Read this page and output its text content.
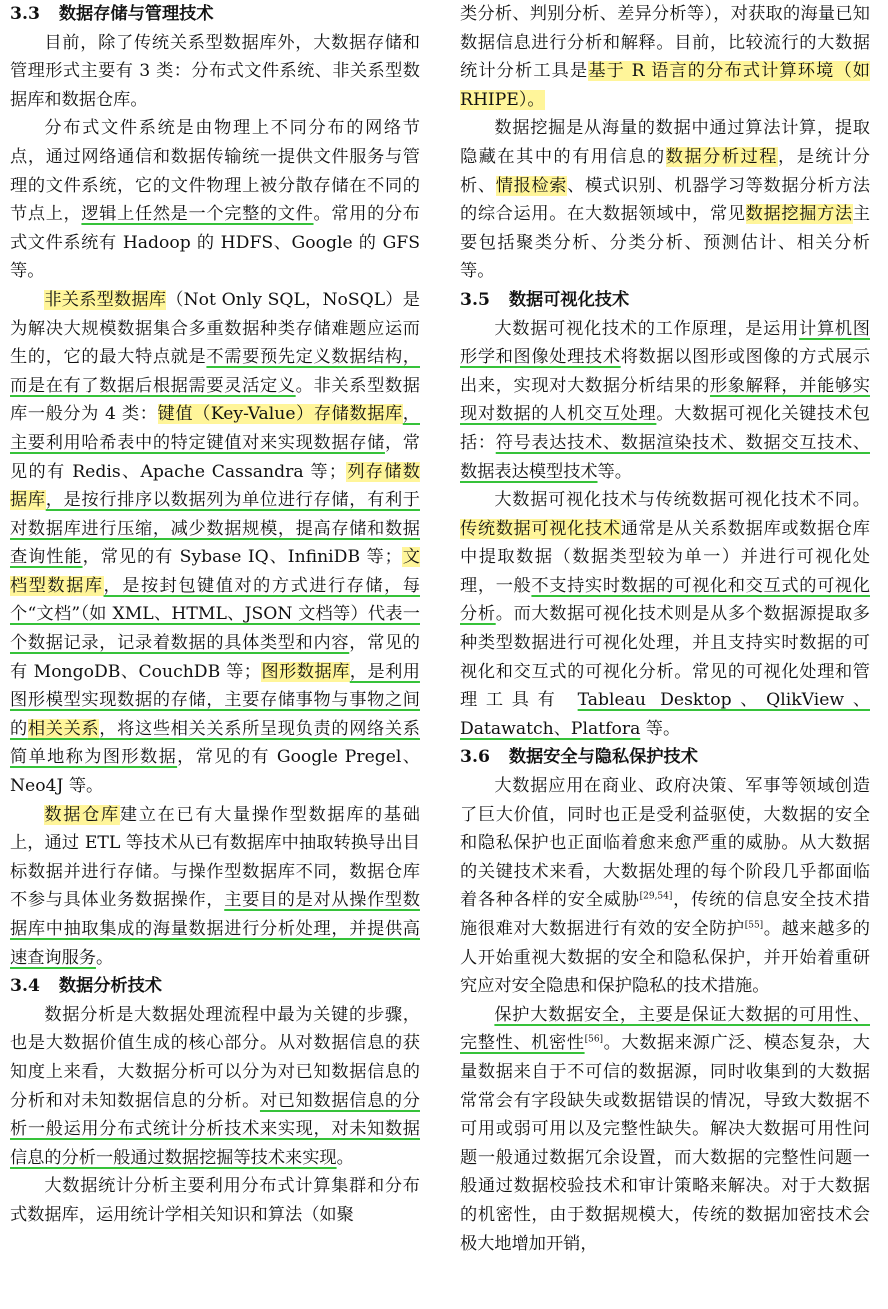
3.3 数据存储与管理技术

目前，除了传统关系型数据库外，大数据存储和管理形式主要有 3 类：分布式文件系统、非关系型数据库和数据仓库。

分布式文件系统是由物理上不同分布的网络节点，通过网络通信和数据传输统一提供文件服务与管理的文件系统，它的文件物理上被分散存储在不同的节点上，逻辑上任然是一个完整的文件。常用的分布式文件系统有 Hadoop 的 HDFS、Google 的 GFS 等。

非关系型数据库（Not Only SQL，NoSQL）是为解决大规模数据集合多重数据种类存储难题应运而生的，它的最大特点就是不需要预先定义数据结构，而是在有了数据后根据需要灵活定义。非关系型数据库一般分为 4 类：键值（Key-Value）存储数据库，主要利用哈希表中的特定键值对来实现数据存储，常见的有 Redis、Apache Cassandra 等；列存储数据库，是按行排序以数据列为单位进行存储，有利于对数据库进行压缩，减少数据规模，提高存储和数据查询性能，常见的有 Sybase IQ、InfiniDB 等；文档型数据库，是按封包键值对的方式进行存储，每个“文档”（如 XML、HTML、JSON 文档等）代表一个数据记录，记录着数据的具体类型和内容，常见的有 MongoDB、CouchDB 等；图形数据库，是利用图形模型实现数据的存储，主要存储事物与事物之间的相关关系，将这些相关关系所呈现负责的网络关系简单地称为图形数据，常见的有 Google Pregel、Neo4J 等。

数据仓库建立在已有大量操作型数据库的基础上，通过 ETL 等技术从已有数据库中抽取转换导出目标数据并进行存储。与操作型数据库不同，数据仓库不参与具体业务数据操作，主要目的是对从操作型数据库中抽取集成的海量数据进行分析处理，并提供高速查询服务。

3.4 数据分析技术

数据分析是大数据处理流程中最为关键的步骤，也是大数据价值生成的核心部分。从对数据信息的获知度上来看，大数据分析可以分为对已知数据信息的分析和对未知数据信息的分析。对已知数据信息的分析一般运用分布式统计分析技术来实现，对未知数据信息的分析一般通过数据挖掘等技术来实现。

大数据统计分析主要利用分布式计算集群和分布式数据库，运用统计学相关知识和算法（如聚

类分析、判别分析、差异分析等），对获取的海量已知数据信息进行分析和解释。目前，比较流行的大数据统计分析工具是基于 R 语言的分布式计算环境（如 RHIPE）。

数据挖掘是从海量的数据中通过算法计算，提取隐藏在其中的有用信息的数据分析过程，是统计分析、情报检索、模式识别、机器学习等数据分析方法的综合运用。在大数据领域中，常见数据挖掘方法主要包括聚类分析、分类分析、预测估计、相关分析等。

3.5 数据可视化技术

大数据可视化技术的工作原理，是运用计算机图形学和图像处理技术将数据以图形或图像的方式展示出来，实现对大数据分析结果的形象解释，并能够实现对数据的人机交互处理。大数据可视化关键技术包括：符号表达技术、数据渲染技术、数据交互技术、数据表达模型技术等。

大数据可视化技术与传统数据可视化技术不同。传统数据可视化技术通常是从关系数据库或数据仓库中提取数据（数据类型较为单一）并进行可视化处理，一般不支持实时数据的可视化和交互式的可视化分析。而大数据可视化技术则是从多个数据源提取多种类型数据进行可视化处理，并且支持实时数据的可视化和交互式的可视化分析。常见的可视化处理和管理工具有 Tableau Desktop、QlikView、Datawatch、Platfora 等。

3.6 数据安全与隐私保护技术

大数据应用在商业、政府决策、军事等领域创造了巨大价值，同时也正是受利益驱使，大数据的安全和隐私保护也正面临着愈来愈严重的威胁。从大数据的关键技术来看，大数据处理的每个阶段几乎都面临着各种各样的安全威胁[29,54]，传统的信息安全技术措施很难对大数据进行有效的安全防护[55]。越来越多的人开始重视大数据的安全和隐私保护，并开始着重研究应对安全隐患和保护隐私的技术措施。

保护大数据安全，主要是保证大数据的可用性、完整性、机密性[56]。大数据来源广泛、模态复杂，大量数据来自于不可信的数据源，同时收集到的大数据常常会有字段缺失或数据错误的情况，导致大数据不可用或弱可用以及完整性缺失。解决大数据可用性问题一般通过数据冗余设置，而大数据的完整性问题一般通过数据校验技术和审计策略来解决。对于大数据的机密性，由于数据规模大，传统的数据加密技术会极大地增加开销，
